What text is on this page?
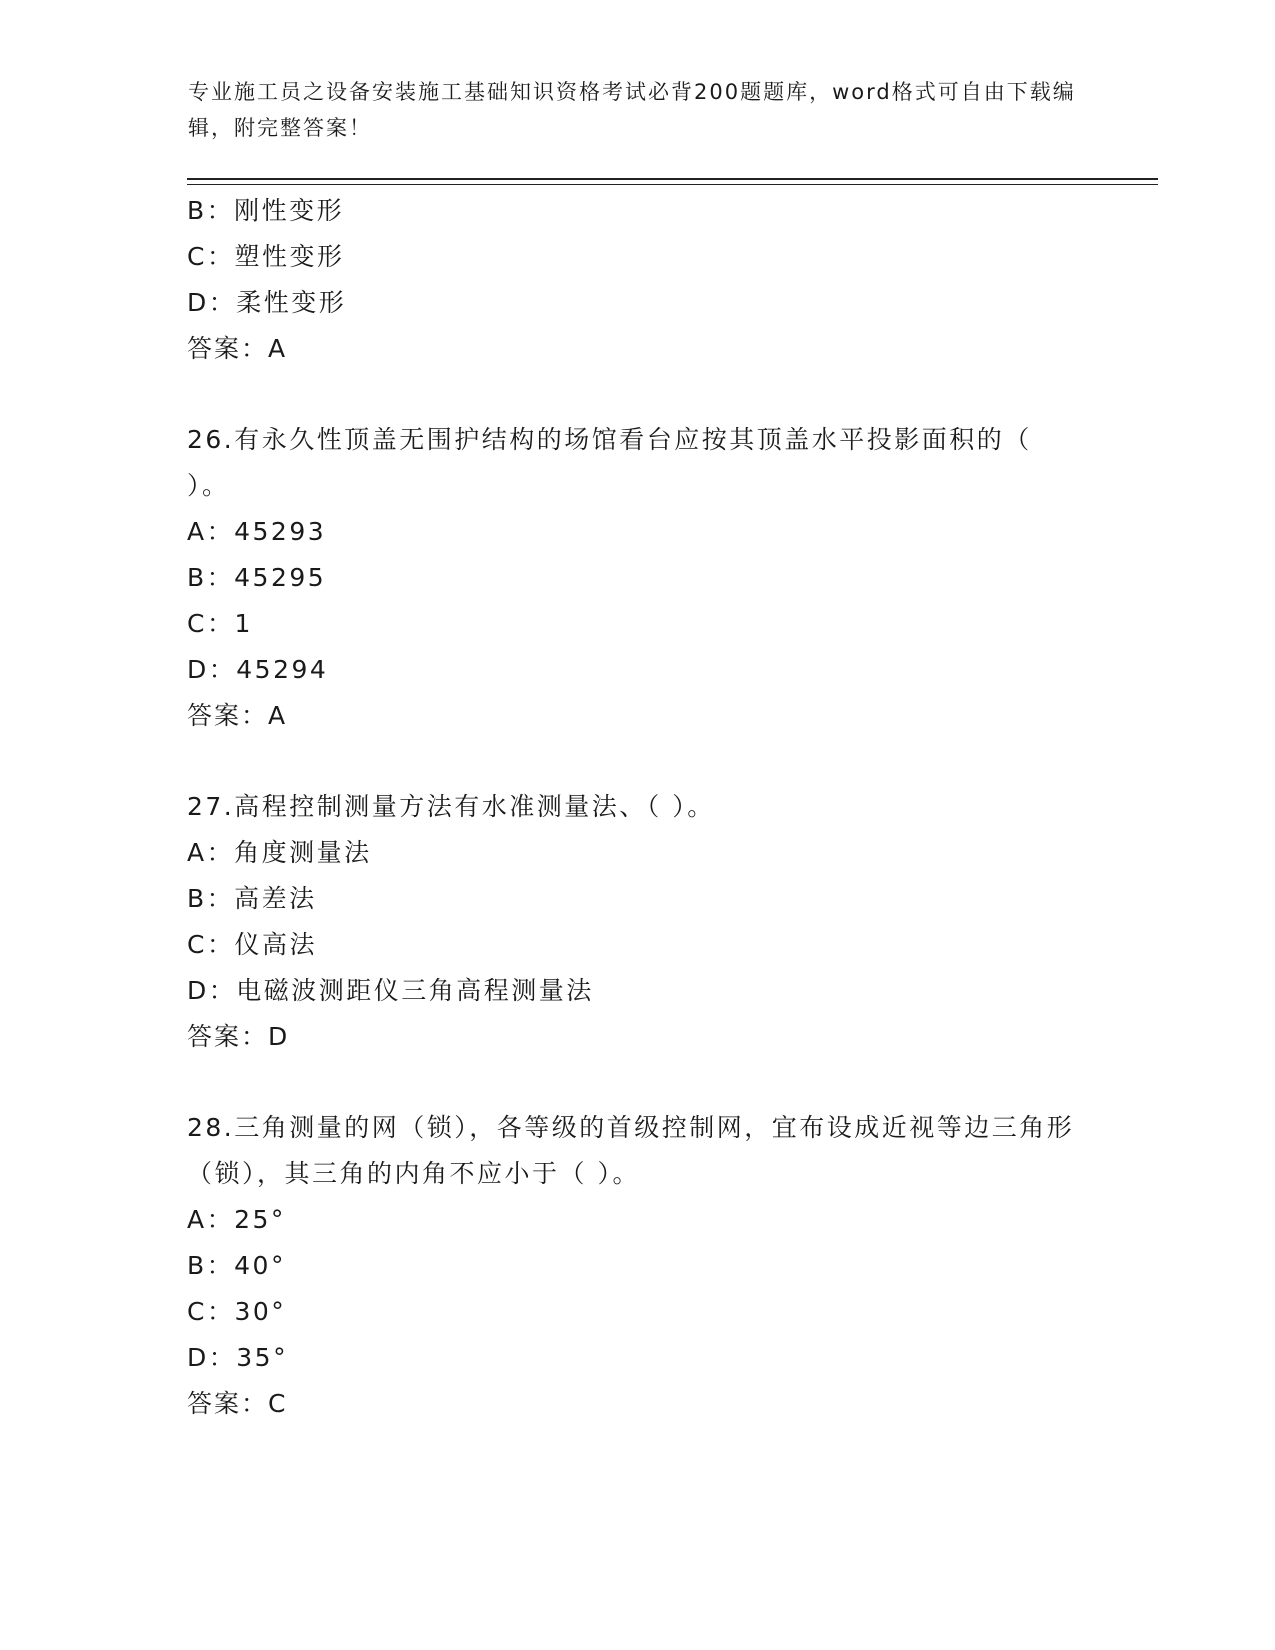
专业施工员之设备安装施工基础知识资格考试必背200题题库，word格式可自由下载编辑，附完整答案！
B：刚性变形
C：塑性变形
D：柔性变形
答案：A
26.有永久性顶盖无围护结构的场馆看台应按其顶盖水平投影面积的（ ）。
A：45293
B：45295
C：1
D：45294
答案：A
27.高程控制测量方法有水准测量法、（ ）。
A：角度测量法
B：高差法
C：仪高法
D：电磁波测距仪三角高程测量法
答案：D
28.三角测量的网（锁），各等级的首级控制网，宜布设成近视等边三角形（锁），其三角的内角不应小于（ ）。
A：25°
B：40°
C：30°
D：35°
答案：C
